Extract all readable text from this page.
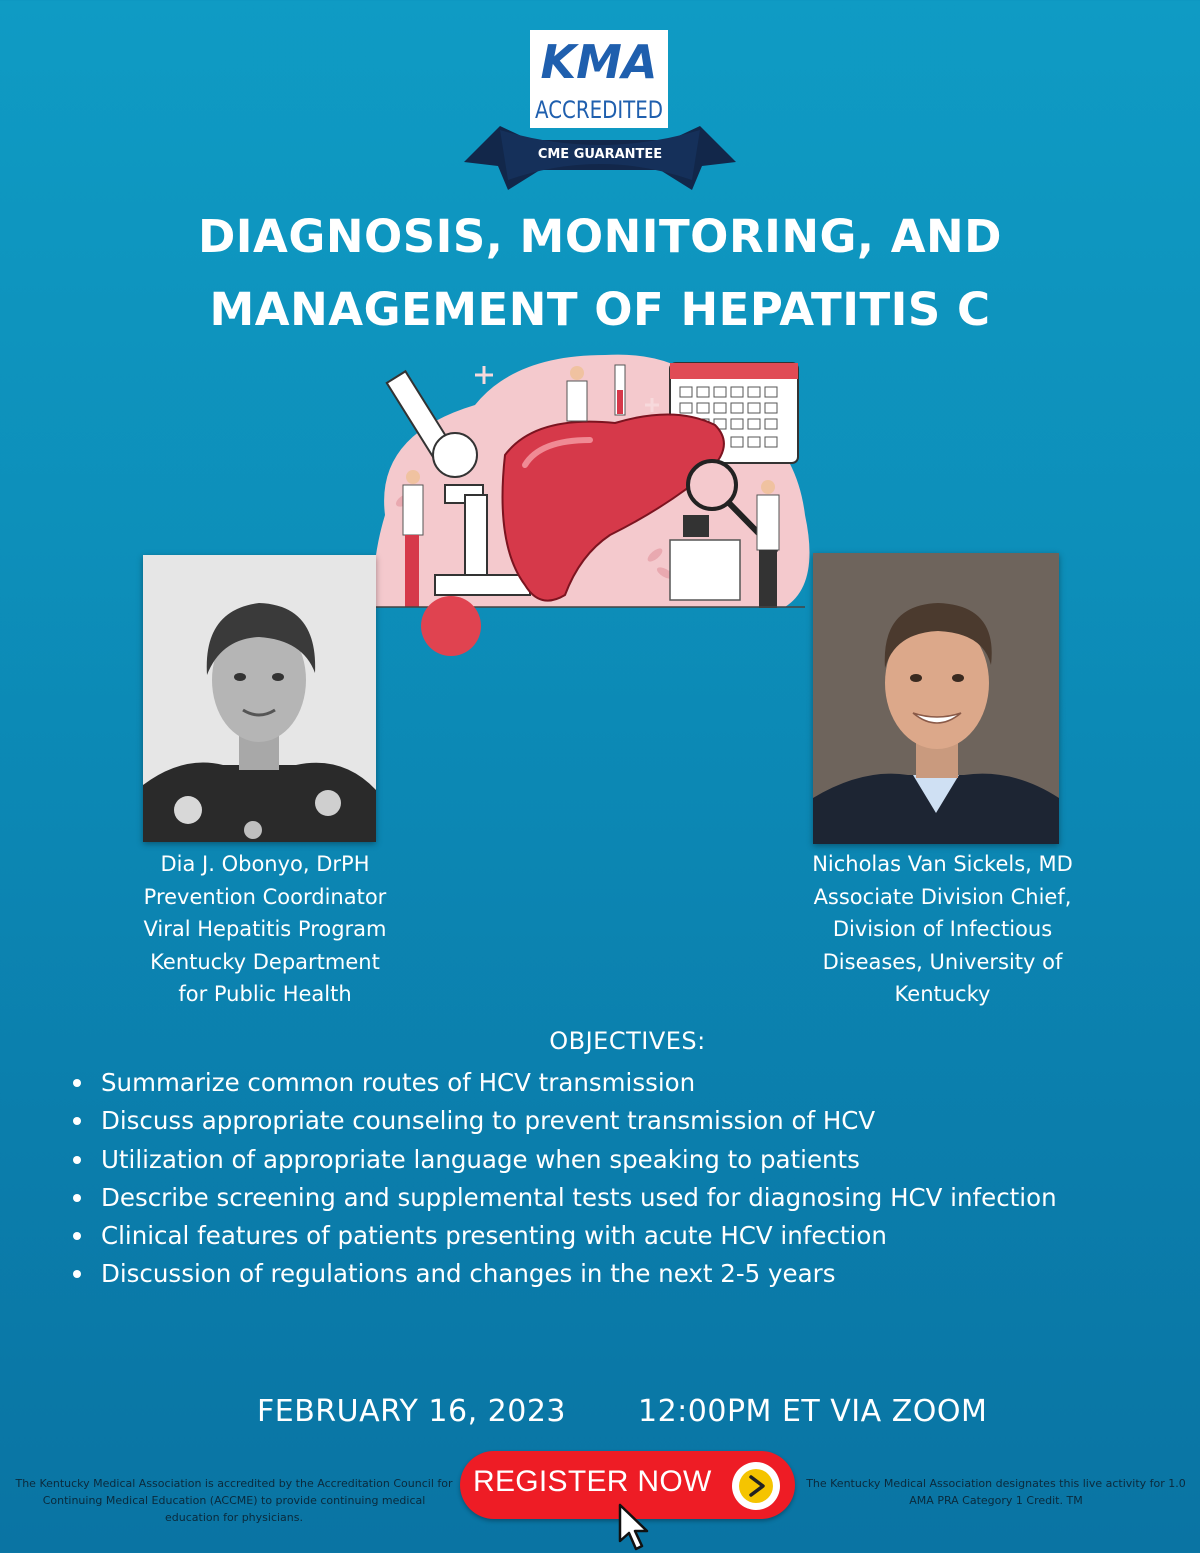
CME GUARANTEE
KMA
ACCREDITED
DIAGNOSIS, MONITORING, AND
MANAGEMENT OF HEPATITIS C
Dia J. Obonyo, DrPH
Prevention Coordinator
Viral Hepatitis Program
Kentucky Department
for Public Health
Nicholas Van Sickels, MD
Associate Division Chief,
Division of Infectious
Diseases, University of
Kentucky
OBJECTIVES:
Summarize common routes of HCV transmission
Discuss appropriate counseling to prevent transmission of HCV
Utilization of appropriate language when speaking to patients
Describe screening and supplemental tests used for diagnosing HCV infection
Clinical features of patients presenting with acute HCV infection
Discussion of regulations and changes in the next 2-5 years
FEBRUARY 16, 2023 12:00PM ET VIA ZOOM
The Kentucky Medical Association is accredited by the Accreditation Council for Continuing Medical Education (ACCME) to provide continuing medical education for physicians.
The Kentucky Medical Association designates this live activity for 1.0 AMA PRA Category 1 Credit. TM
REGISTER NOW
